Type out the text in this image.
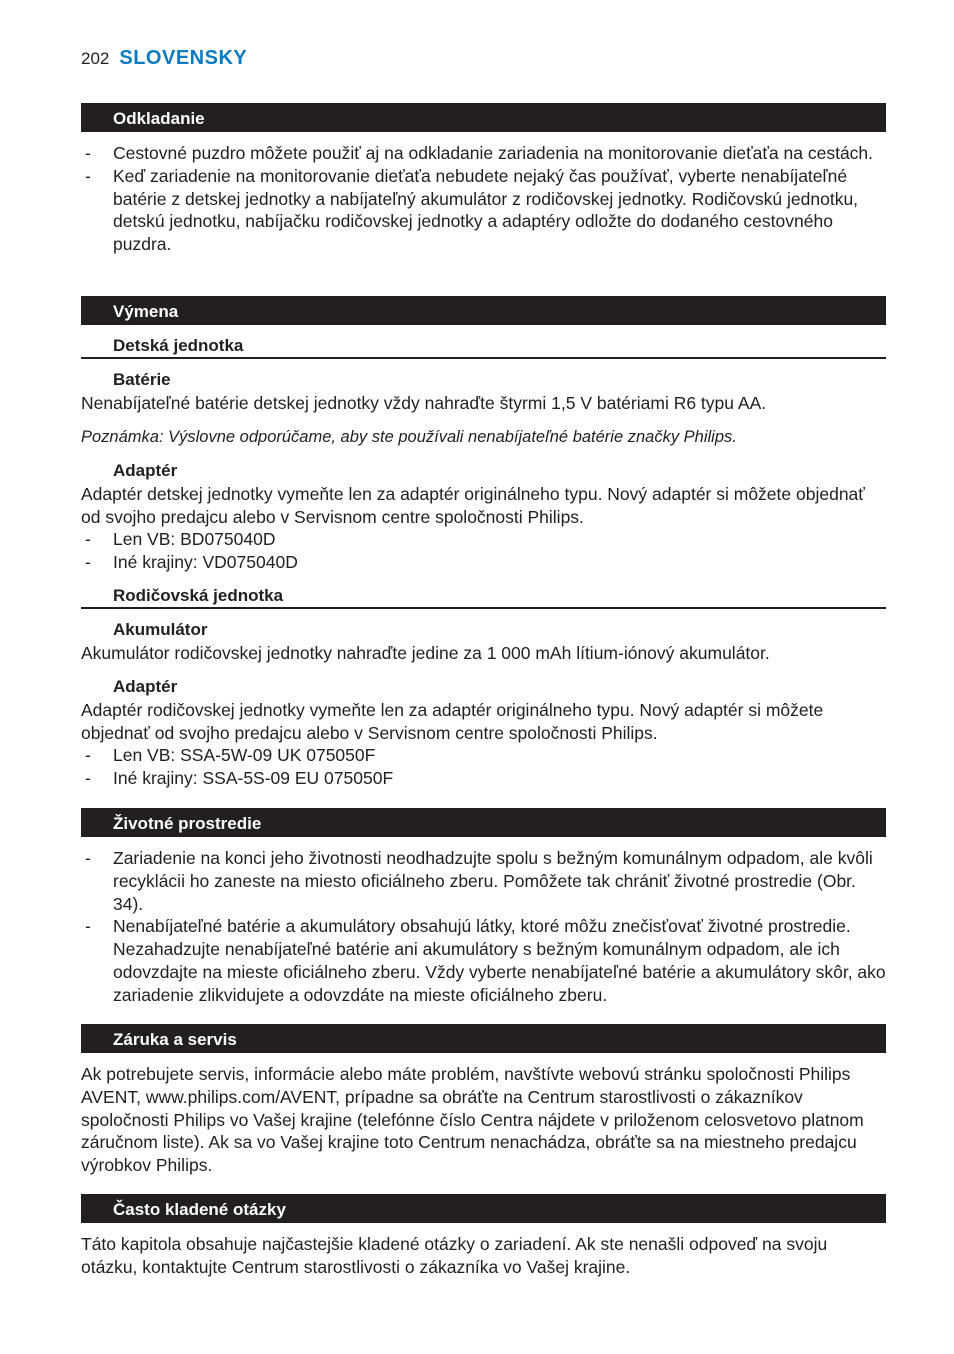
202 SLOVENSKY
Odkladanie
- Cestovné puzdro môžete použiť aj na odkladanie zariadenia na monitorovanie dieťaťa na cestách.
- Keď zariadenie na monitorovanie dieťaťa nebudete nejaký čas používať, vyberte nenabíjateľné batérie z detskej jednotky a nabíjateľný akumulátor z rodičovskej jednotky. Rodičovskú jednotku, detskú jednotku, nabíjačku rodičovskej jednotky a adaptéry odložte do dodaného cestovného puzdra.
Výmena
Detská jednotka
Batérie

Nenabíjateľné batérie detskej jednotky vždy nahraďte štyrmi 1,5 V batériami R6 typu AA.

Poznámka: Výslovne odporúčame, aby ste používali nenabíjateľné batérie značky Philips.

Adaptér

Adaptér detskej jednotky vymeňte len za adaptér originálneho typu. Nový adaptér si môžete objednať od svojho predajcu alebo v Servisnom centre spoločnosti Philips.

- Len VB: BD075040D
- Iné krajiny: VD075040D
Rodičovská jednotka
Akumulátor

Akumulátor rodičovskej jednotky nahraďte jedine za 1 000 mAh lítium-iónový akumulátor.

Adaptér

Adaptér rodičovskej jednotky vymeňte len za adaptér originálneho typu. Nový adaptér si môžete objednať od svojho predajcu alebo v Servisnom centre spoločnosti Philips.

- Len VB: SSA-5W-09 UK 075050F
- Iné krajiny: SSA-5S-09 EU 075050F
Životné prostredie
- Zariadenie na konci jeho životnosti neodhadzujte spolu s bežným komunálnym odpadom, ale kvôli recyklácii ho zaneste na miesto oficiálneho zberu. Pomôžete tak chrániť životné prostredie (Obr. 34).
- Nenabíjateľné batérie a akumulátory obsahujú látky, ktoré môžu znečisťovať životné prostredie. Nezahadzujte nenabíjateľné batérie ani akumulátory s bežným komunálnym odpadom, ale ich odovzdajte na mieste oficiálneho zberu. Vždy vyberte nenabíjateľné batérie a akumulátory skôr, ako zariadenie zlikvidujete a odovzdáte na mieste oficiálneho zberu.
Záruka a servis

Ak potrebujete servis, informácie alebo máte problém, navštívte webovú stránku spoločnosti Philips AVENT, www.philips.com/AVENT, prípadne sa obráťte na Centrum starostlivosti o zákazníkov spoločnosti Philips vo Vašej krajine (telefónne číslo Centra nájdete v priloženom celosvetovo platnom záručnom liste). Ak sa vo Vašej krajine toto Centrum nenachádza, obráťte sa na miestneho predajcu výrobkov Philips.

Často kladené otázky

Táto kapitola obsahuje najčastejšie kladené otázky o zariadení. Ak ste nenašli odpoveď na svoju otázku, kontaktujte Centrum starostlivosti o zákazníka vo Vašej krajine.
